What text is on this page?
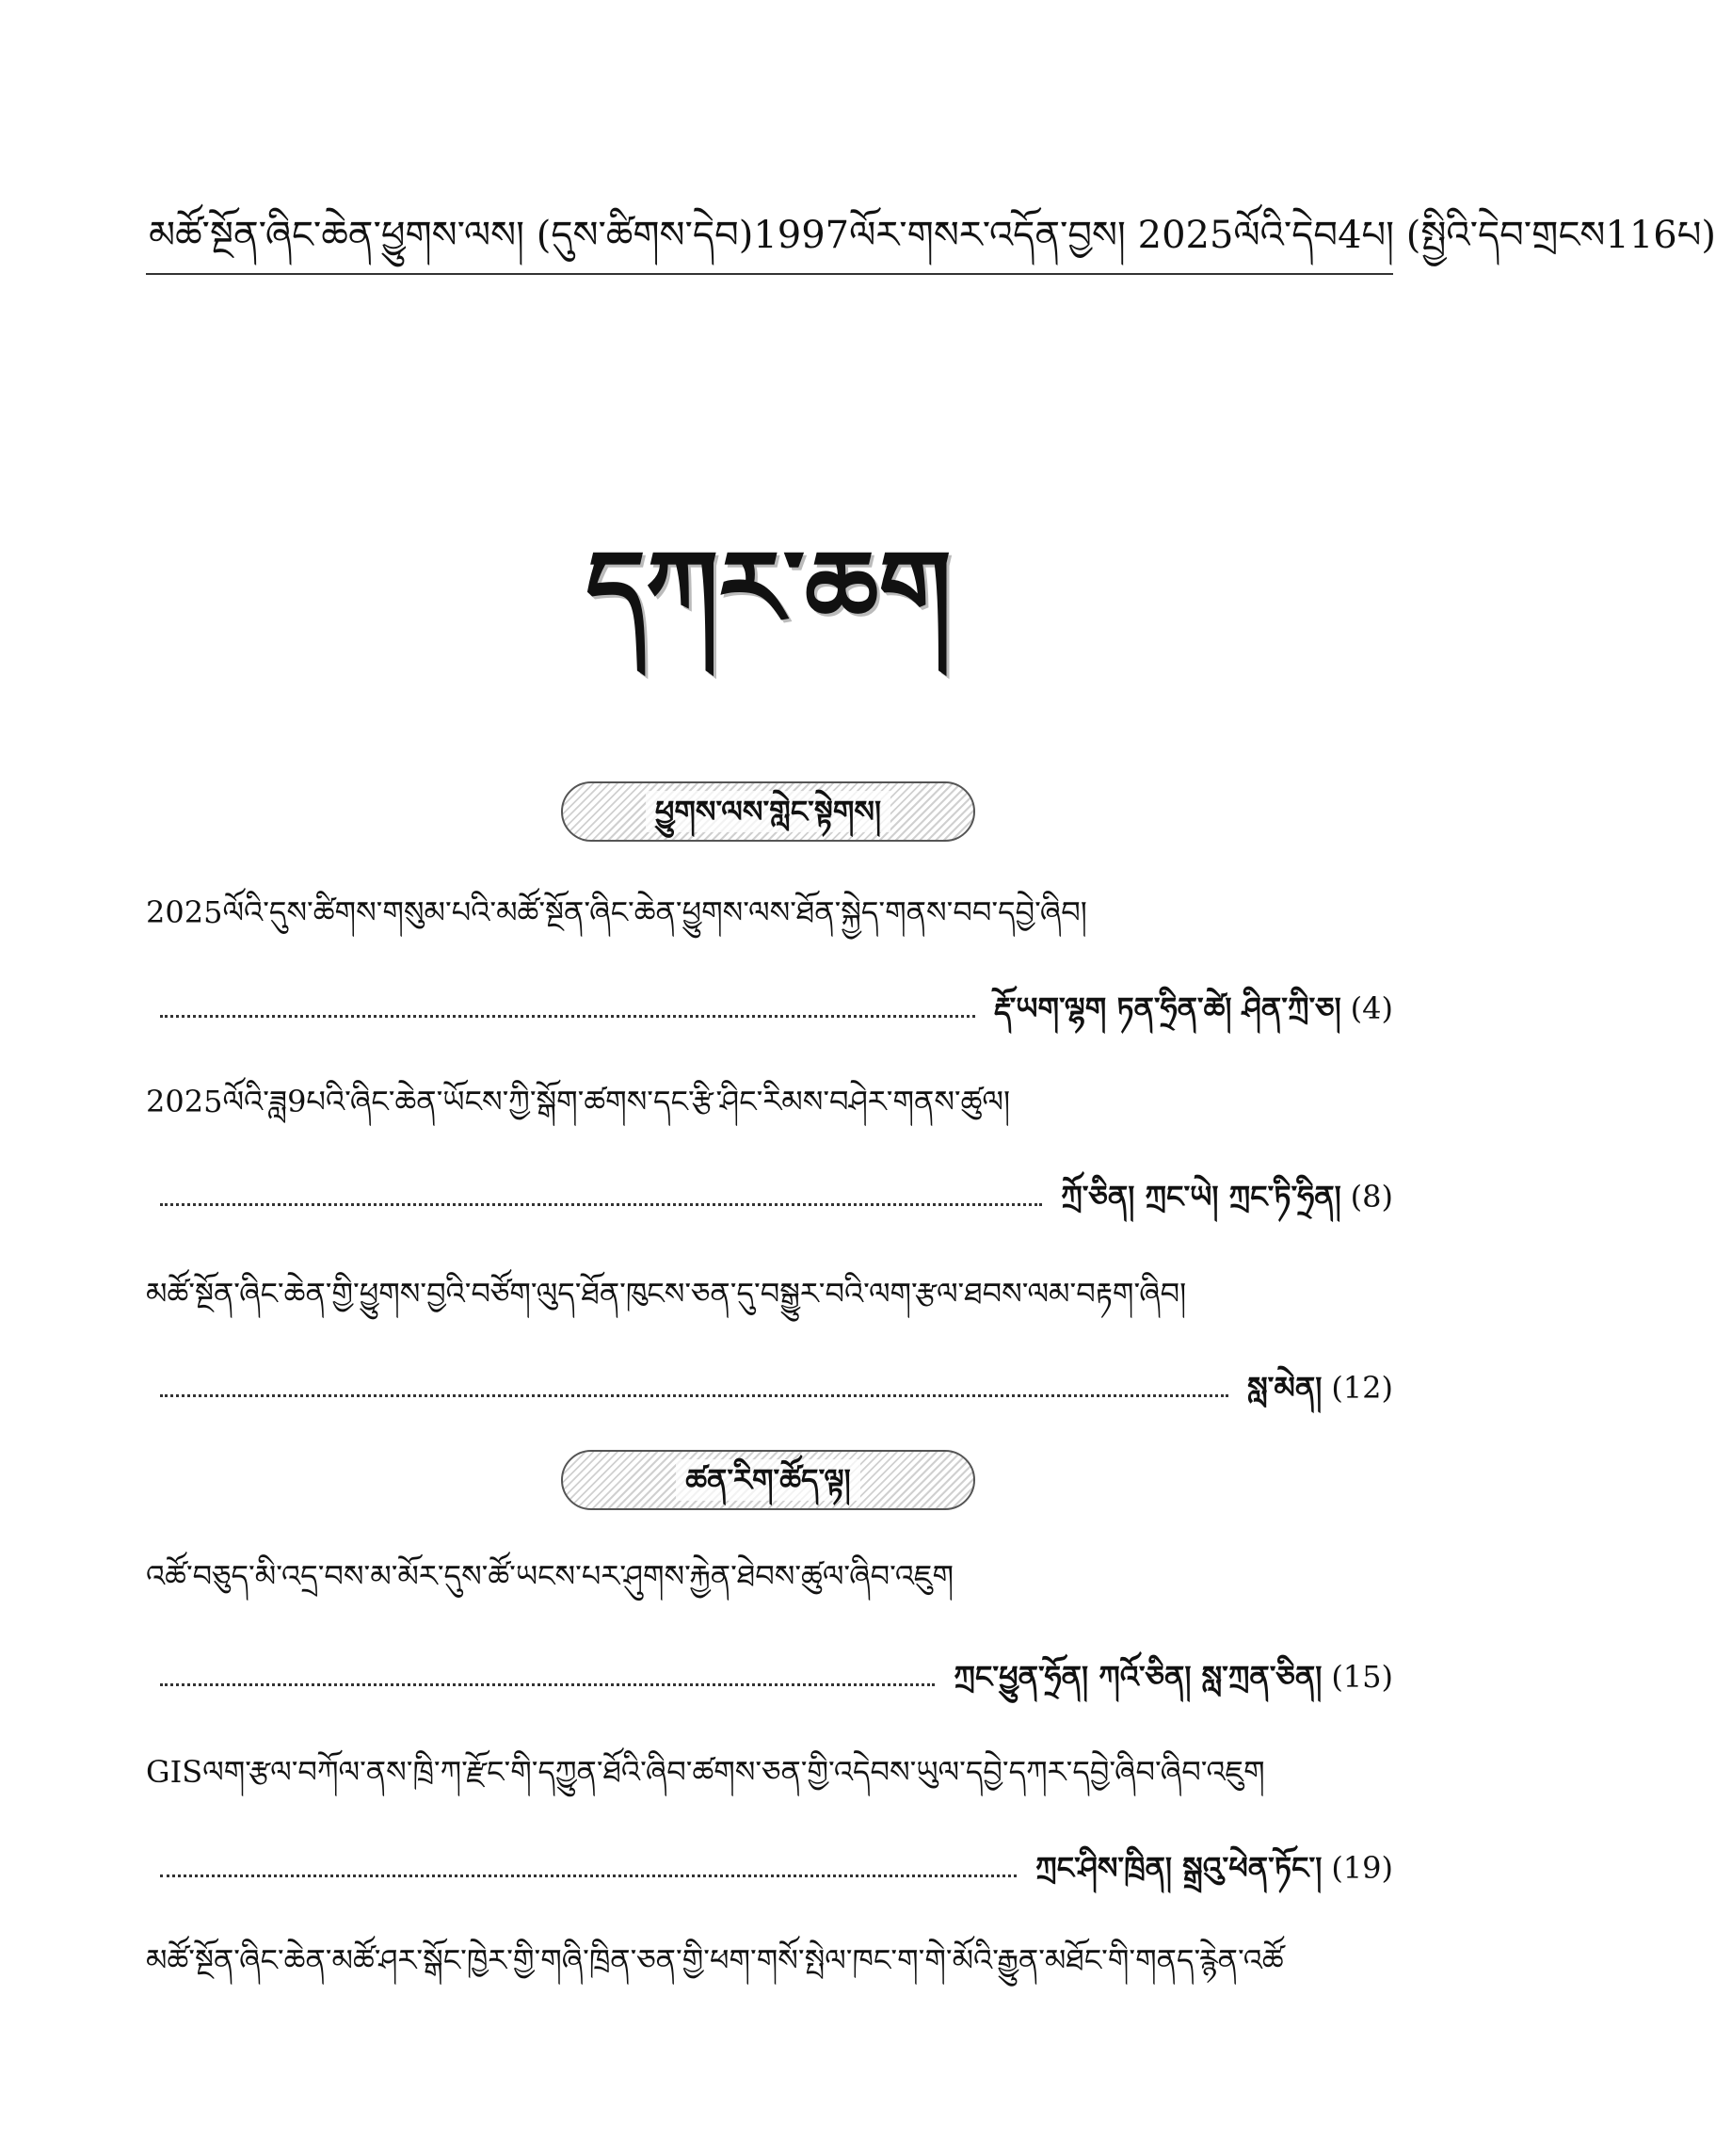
མཚོ་སྔོན་ཞིང་ཆེན་ཕྱུགས་ལས། (དུས་ཚིགས་དེབ)1997ལོར་གསར་འདོན་བྱས། 2025ལོའི་དེབ4པ། (སྤྱིའི་དེབ་གྲངས116པ)
དཀར་ཆག
ཕྱུགས་ལས་གླེང་སྟེགས།
2025ལོའི་དུས་ཚིགས་གསུམ་པའི་མཚོ་སྔོན་ཞིང་ཆེན་ཕྱུགས་ལས་ཐོན་སྐྱེད་གནས་བབ་དབྱེ་ཞིབ།
རྡོ་ཡག་ལྷག ཏན་ཧྲིན་ཚེ། ཤིན་ཀྲི་ཅ། (4)
2025ལོའི་ཟླ9པའི་ཞིང་ཆེན་ཡོངས་ཀྱི་སྒོག་ཚགས་དང་རྩི་ཤིང་རིམས་བཤེར་གནས་ཚུལ།
ཀྲོ་ཅིན། ཀྲང་ཡེ། ཀྲང་ཏི་ཧྲིན། (8)
མཚོ་སྔོན་ཞིང་ཆེན་གྱི་ཕྱུགས་བྱའི་བཙོག་ལུད་ཐོན་ཁུངས་ཅན་དུ་བསྒྱུར་བའི་ལག་རྩལ་ཐབས་ལམ་བརྟག་ཞིབ།
སླ་མེན། (12)
ཚན་རིག་ཚོད་ལྟ།
འཚོ་བཅུད་མི་འདྲ་བས་མ་མོར་དུས་ཚོ་ཡངས་པར་ཤུགས་རྐྱེན་ཐེབས་ཚུལ་ཞིབ་འཇུག
ཀྲང་ཕྱུན་ཧྲོན། ཀའོ་ཅིན། སླ་ཀྲན་ཅིན། (15)
GISལག་རྩལ་བཀོལ་ནས་ཁྲི་ཀ་རྫོང་གི་དཀྱུན་ཐོའི་ཞིབ་ཚགས་ཅན་གྱི་འདེབས་ཡུལ་དབྱེ་དཀར་དབྱེ་ཞིབ་ཞིབ་འཇུག
ཀྲང་ཤིས་ཁྲིན། སྒྲའུ་ཕེན་ཏོང་། (19)
མཚོ་སྔོན་ཞིང་ཆེན་མཚོ་ཤར་སྒོང་ཁྱེར་གྱི་གཞི་ཁྲིན་ཅན་གྱི་ཕག་གསོ་སྤེལ་ཁང་ག་གེ་མོའི་རྒྱུན་མཐོང་གི་གནད་རྙེན་འཚོ
